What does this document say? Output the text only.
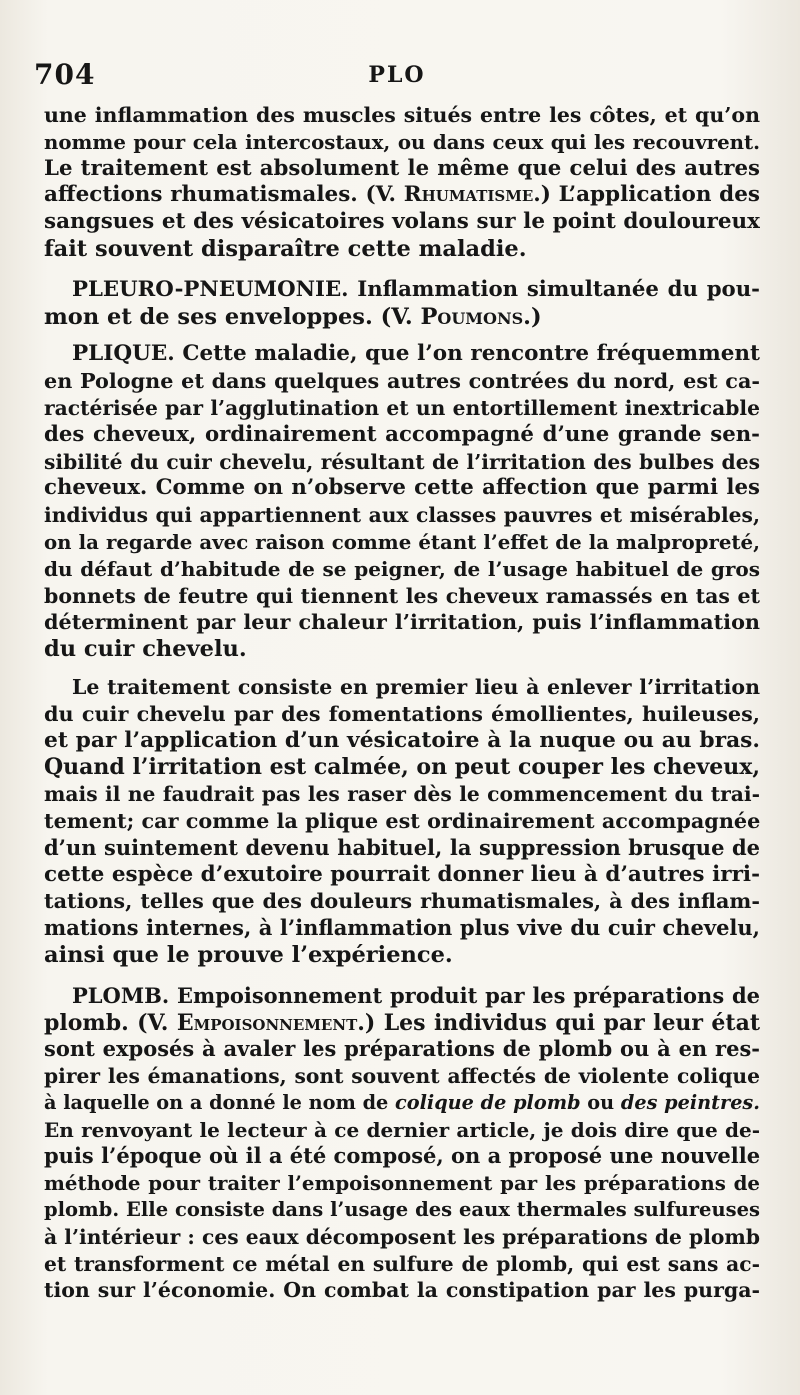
704	PLO
une inflammation des muscles situés entre les côtes, et qu’on
nomme pour cela intercostaux, ou dans ceux qui les recouvrent.
Le traitement est absolument le même que celui des autres
affections rhumatismales. (V. Rhumatisme.) L’application des
sangsues et des vésicatoires volans sur le point douloureux
fait souvent disparaître cette maladie.
PLEURO-PNEUMONIE. Inflammation simultanée du pou-
mon et de ses enveloppes. (V. Poumons.)
PLIQUE. Cette maladie, que l’on rencontre fréquemment
en Pologne et dans quelques autres contrées du nord, est ca-
ractérisée par l’agglutination et un entortillement inextricable
des cheveux, ordinairement accompagné d’une grande sen-
sibilité du cuir chevelu, résultant de l’irritation des bulbes des
cheveux. Comme on n’observe cette affection que parmi les
individus qui appartiennent aux classes pauvres et misérables,
on la regarde avec raison comme étant l’effet de la malpropreté,
du défaut d’habitude de se peigner, de l’usage habituel de gros
bonnets de feutre qui tiennent les cheveux ramassés en tas et
déterminent par leur chaleur l’irritation, puis l’inflammation
du cuir chevelu.
Le traitement consiste en premier lieu à enlever l’irritation
du cuir chevelu par des fomentations émollientes, huileuses,
et par l’application d’un vésicatoire à la nuque ou au bras.
Quand l’irritation est calmée, on peut couper les cheveux,
mais il ne faudrait pas les raser dès le commencement du trai-
tement; car comme la plique est ordinairement accompagnée
d’un suintement devenu habituel, la suppression brusque de
cette espèce d’exutoire pourrait donner lieu à d’autres irri-
tations, telles que des douleurs rhumatismales, à des inflam-
mations internes, à l’inflammation plus vive du cuir chevelu,
ainsi que le prouve l’expérience.
PLOMB. Empoisonnement produit par les préparations de
plomb. (V. Empoisonnement.) Les individus qui par leur état
sont exposés à avaler les préparations de plomb ou à en res-
pirer les émanations, sont souvent affectés de violente colique
à laquelle on a donné le nom de colique de plomb ou des peintres.
En renvoyant le lecteur à ce dernier article, je dois dire que de-
puis l’époque où il a été composé, on a proposé une nouvelle
méthode pour traiter l’empoisonnement par les préparations de
plomb. Elle consiste dans l’usage des eaux thermales sulfureuses
à l’intérieur : ces eaux décomposent les préparations de plomb
et transforment ce métal en sulfure de plomb, qui est sans ac-
tion sur l’économie. On combat la constipation par les purga-
